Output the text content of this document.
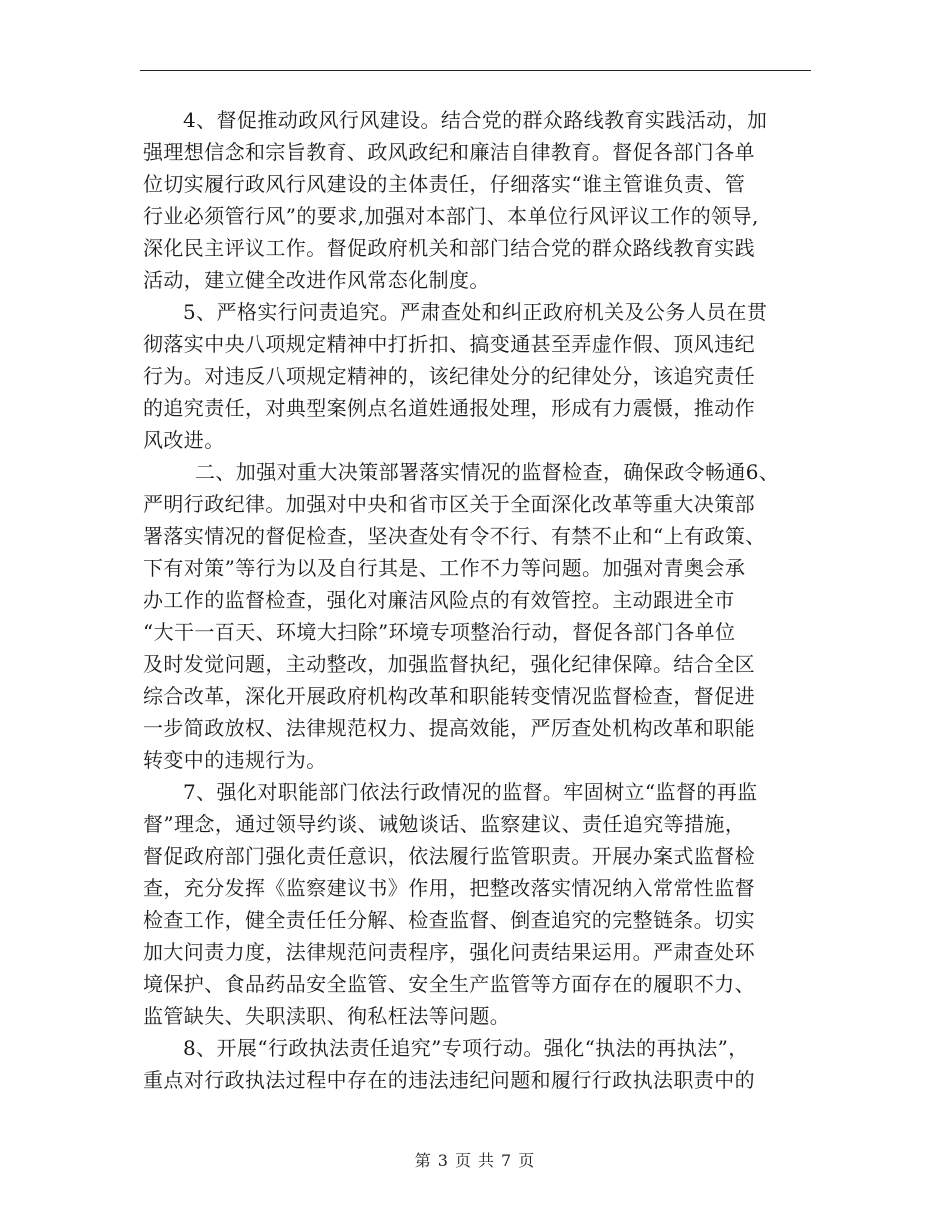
4、督促推动政风行风建设。结合党的群众路线教育实践活动，加
强理想信念和宗旨教育、政风政纪和廉洁自律教育。督促各部门各单
位切实履行政风行风建设的主体责任，仔细落实“谁主管谁负责、管
行业必须管行风”的要求,加强对本部门、本单位行风评议工作的领导,
深化民主评议工作。督促政府机关和部门结合党的群众路线教育实践
活动，建立健全改进作风常态化制度。
5、严格实行问责追究。严肃查处和纠正政府机关及公务人员在贯
彻落实中央八项规定精神中打折扣、搞变通甚至弄虚作假、顶风违纪
行为。对违反八项规定精神的，该纪律处分的纪律处分，该追究责任
的追究责任，对典型案例点名道姓通报处理，形成有力震慑，推动作
风改进。
二、加强对重大决策部署落实情况的监督检查，确保政令畅通6、
严明行政纪律。加强对中央和省市区关于全面深化改革等重大决策部
署落实情况的督促检查，坚决查处有令不行、有禁不止和“上有政策、
下有对策”等行为以及自行其是、工作不力等问题。加强对青奥会承
办工作的监督检查，强化对廉洁风险点的有效管控。主动跟进全市
“大干一百天、环境大扫除”环境专项整治行动，督促各部门各单位
及时发觉问题，主动整改，加强监督执纪，强化纪律保障。结合全区
综合改革，深化开展政府机构改革和职能转变情况监督检查，督促进
一步简政放权、法律规范权力、提高效能，严厉查处机构改革和职能
转变中的违规行为。
7、强化对职能部门依法行政情况的监督。牢固树立“监督的再监
督”理念，通过领导约谈、诫勉谈话、监察建议、责任追究等措施，
督促政府部门强化责任意识，依法履行监管职责。开展办案式监督检
查，充分发挥《监察建议书》作用，把整改落实情况纳入常常性监督
检查工作，健全责任任分解、检查监督、倒查追究的完整链条。切实
加大问责力度，法律规范问责程序，强化问责结果运用。严肃查处环
境保护、食品药品安全监管、安全生产监管等方面存在的履职不力、
监管缺失、失职渎职、徇私枉法等问题。
8、开展“行政执法责任追究”专项行动。强化“执法的再执法”，
重点对行政执法过程中存在的违法违纪问题和履行行政执法职责中的
第 3 页 共 7 页
